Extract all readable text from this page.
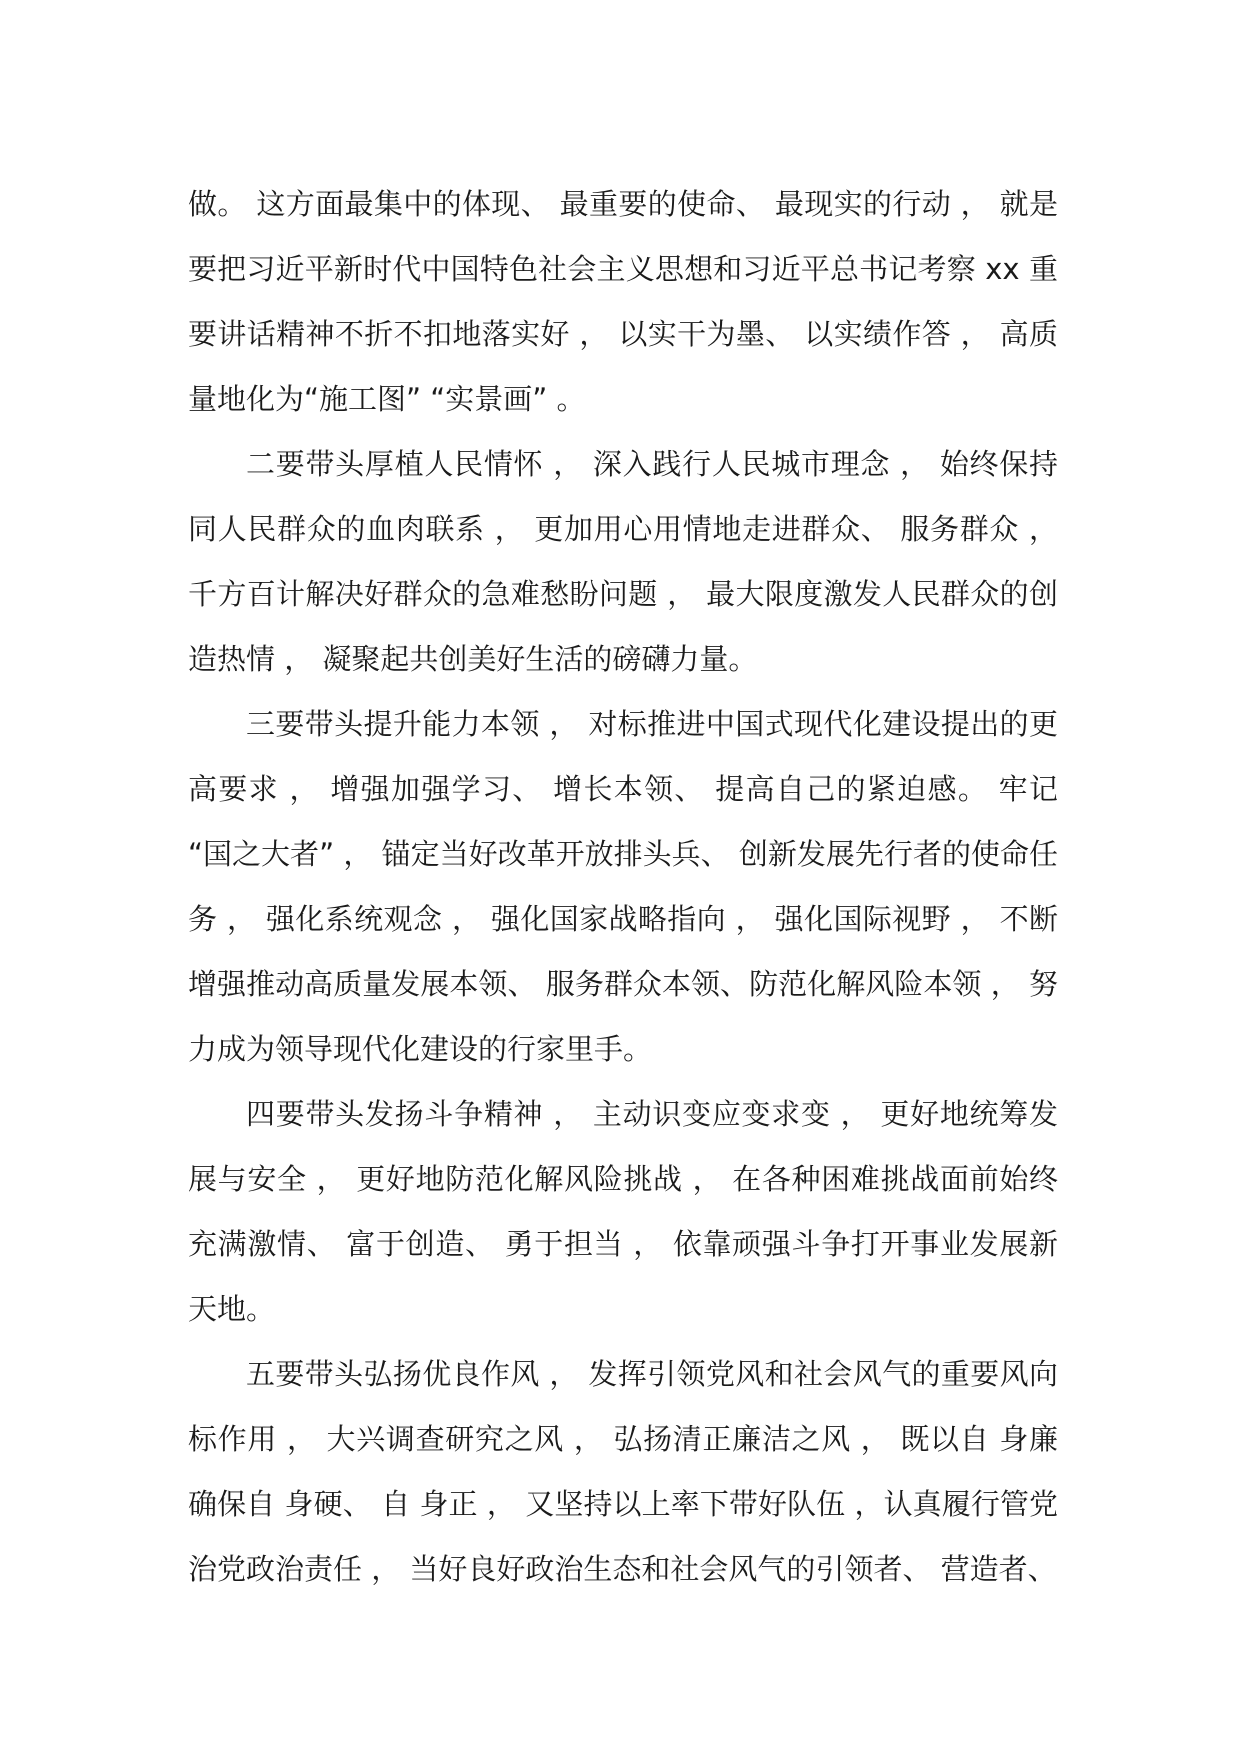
做。 这方面最集中的体现、 最重要的使命、 最现实的行动 ， 就是要把习近平新时代中国特色社会主义思想和习近平总书记考察 xx 重要讲话精神不折不扣地落实好 ， 以实干为墨、 以实绩作答 ， 高质量地化为“施工图” “实景画” 。

二要带头厚植人民情怀 ， 深入践行人民城市理念 ， 始终保持同人民群众的血肉联系 ， 更加用心用情地走进群众、 服务群众 ， 千方百计解决好群众的急难愁盼问题 ， 最大限度激发人民群众的创造热情 ， 凝聚起共创美好生活的磅礴力量。

三要带头提升能力本领 ， 对标推进中国式现代化建设提出的更高要求 ， 增强加强学习、 增长本领、 提高自己的紧迫感。 牢记 “国之大者” ， 锚定当好改革开放排头兵、 创新发展先行者的使命任务 ， 强化系统观念 ， 强化国家战略指向 ， 强化国际视野 ， 不断增强推动高质量发展本领、 服务群众本领、防范化解风险本领 ， 努力成为领导现代化建设的行家里手。

四要带头发扬斗争精神 ， 主动识变应变求变 ， 更好地统筹发展与安全 ， 更好地防范化解风险挑战 ， 在各种困难挑战面前始终充满激情、 富于创造、 勇于担当 ， 依靠顽强斗争打开事业发展新天地。

五要带头弘扬优良作风 ， 发挥引领党风和社会风气的重要风向标作用 ， 大兴调查研究之风 ， 弘扬清正廉洁之风 ， 既以自 身廉确保自 身硬、 自 身正 ， 又坚持以上率下带好队伍 ，认真履行管党治党政治责任 ， 当好良好政治生态和社会风气的引领者、 营造者、
